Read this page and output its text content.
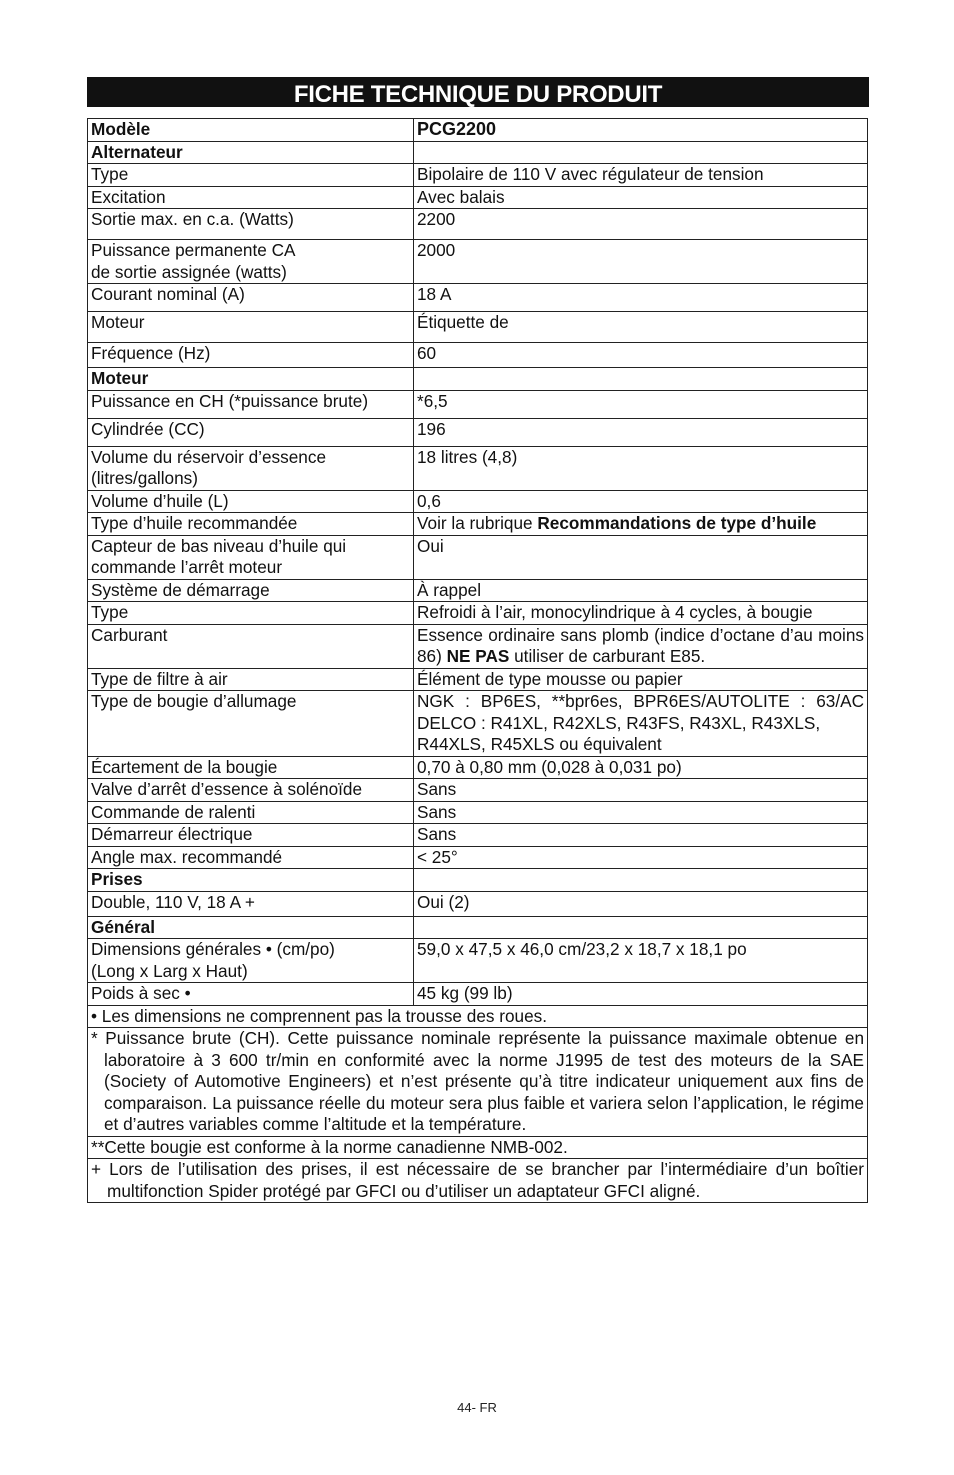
FICHE TECHNIQUE DU PRODUIT
Modèle	PCG2200
Alternateur	
Type	Bipolaire de 110 V avec régulateur de tension
Excitation	Avec balais
Sortie max. en c.a. (Watts)	2200

Puissance permanente CA
de sortie assignée (watts)	2000
Courant nominal (A)	18 A
Moteur	Étiquette de
Fréquence (Hz)	60
Moteur	
Puissance en CH (*puissance brute)	*6,5
Cylindrée (CC)	196

Volume du réservoir d’essence
(litres/gallons)	18 litres (4,8)
Volume d’huile (L)	0,6
Type d’huile recommandée	Voir la rubrique Recommandations de type d’huile

Capteur de bas niveau d’huile qui
commande l’arrêt moteur	Oui
Système de démarrage	À rappel
Type	Refroidi à l’air, monocylindrique à 4 cycles, à bougie
Carburant	Essence ordinaire sans plomb (indice d’octane d’au moins 86) NE PAS utiliser de carburant E85.

Type de filtre à air	Élément de type mousse ou papier
Type de bougie d’allumage	NGK : BP6ES, **bpr6es, BPR6ES/AUTOLITE : 63/AC DELCO : R41XL, R42XLS, R43FS, R43XL, R43XLS,
R44XLS, R45XLS ou équivalent

Écartement de la bougie	0,70 à 0,80 mm (0,028 à 0,031 po)
Valve d’arrêt d’essence à solénoïde	Sans
Commande de ralenti	Sans
Démarreur électrique	Sans
Angle max. recommandé	< 25°
Prises	
Double, 110 V, 18 A +	Oui (2)
Général	

Dimensions générales • (cm/po)
(Long x Larg x Haut)	59,0 x 47,5 x 46,0 cm/23,2 x 18,7 x 18,1 po
Poids à sec •	45 kg (99 lb)
• Les dimensions ne comprennent pas la trousse des roues.	

* Puissance brute (CH). Cette puissance nominale représente la puissance maximale obtenue en laboratoire à 3 600 tr/min en conformité avec la norme J1995 de test des moteurs de la SAE (Society of Automotive Engineers) et n’est présente qu’à titre indicateur uniquement aux fins de comparaison. La puissance réelle du moteur sera plus faible et variera selon l’application, le régime et d’autres variables comme l’altitude et la température.	

**Cette bougie est conforme à la norme canadienne NMB-002.	

+ Lors de l’utilisation des prises, il est nécessaire de se brancher par l’intermédiaire d’un boîtier multifonction Spider protégé par GFCI ou d’utiliser un adaptateur GFCI aligné.	
44- FR
